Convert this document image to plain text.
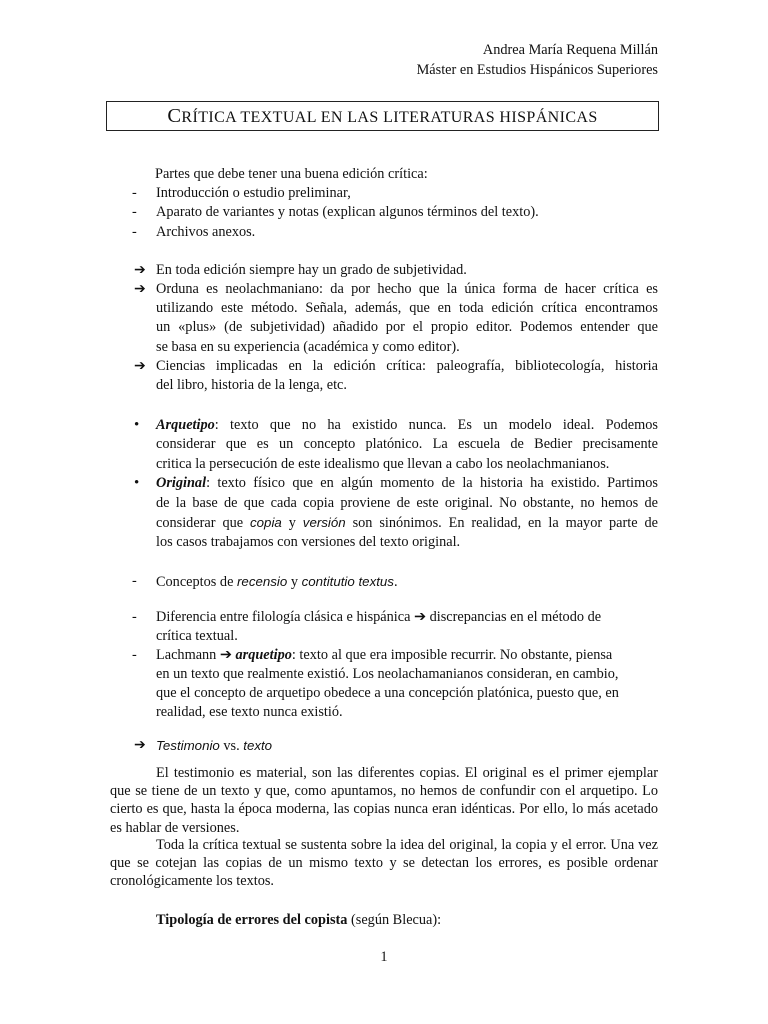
Andrea María Requena Millán
Máster en Estudios Hispánicos Superiores
CRÍTICA TEXTUAL EN LAS LITERATURAS HISPÁNICAS
Partes que debe tener una buena edición crítica:
- Introducción o estudio preliminar,
- Aparato de variantes y notas (explican algunos términos del texto).
- Archivos anexos.
➔ En toda edición siempre hay un grado de subjetividad.
➔ Orduna es neolachmaniano: da por hecho que la única forma de hacer crítica es
utilizando este método. Señala, además, que en toda edición crítica encontramos
un «plus» (de subjetividad) añadido por el propio editor. Podemos entender que
se basa en su experiencia (académica y como editor).
➔ Ciencias implicadas en la edición crítica: paleografía, bibliotecología, historia
del libro, historia de la lenga, etc.
• Arquetipo: texto que no ha existido nunca. Es un modelo ideal. Podemos
considerar que es un concepto platónico. La escuela de Bedier precisamente
critica la persecución de este idealismo que llevan a cabo los neolachmanianos.
• Original: texto físico que en algún momento de la historia ha existido. Partimos
de la base de que cada copia proviene de este original. No obstante, no hemos de
considerar que copia y versión son sinónimos. En realidad, en la mayor parte de
los casos trabajamos con versiones del texto original.
- Conceptos de recensio y contitutio textus.
- Diferencia entre filología clásica e hispánica ➔ discrepancias en el método de
crítica textual.
- Lachmann ➔ arquetipo: texto al que era imposible recurrir. No obstante, piensa
en un texto que realmente existió. Los neolachamanianos consideran, en cambio,
que el concepto de arquetipo obedece a una concepción platónica, puesto que, en
realidad, ese texto nunca existió.
➔ Testimonio vs. texto
El testimonio es material, son las diferentes copias. El original es el primer ejemplar que se tiene de un texto y que, como apuntamos, no hemos de confundir con el arquetipo. Lo cierto es que, hasta la época moderna, las copias nunca eran idénticas. Por ello, lo más acetado es hablar de versiones.
Toda la crítica textual se sustenta sobre la idea del original, la copia y el error. Una vez que se cotejan las copias de un mismo texto y se detectan los errores, es posible ordenar cronológicamente los textos.
Tipología de errores del copista (según Blecua):
1
